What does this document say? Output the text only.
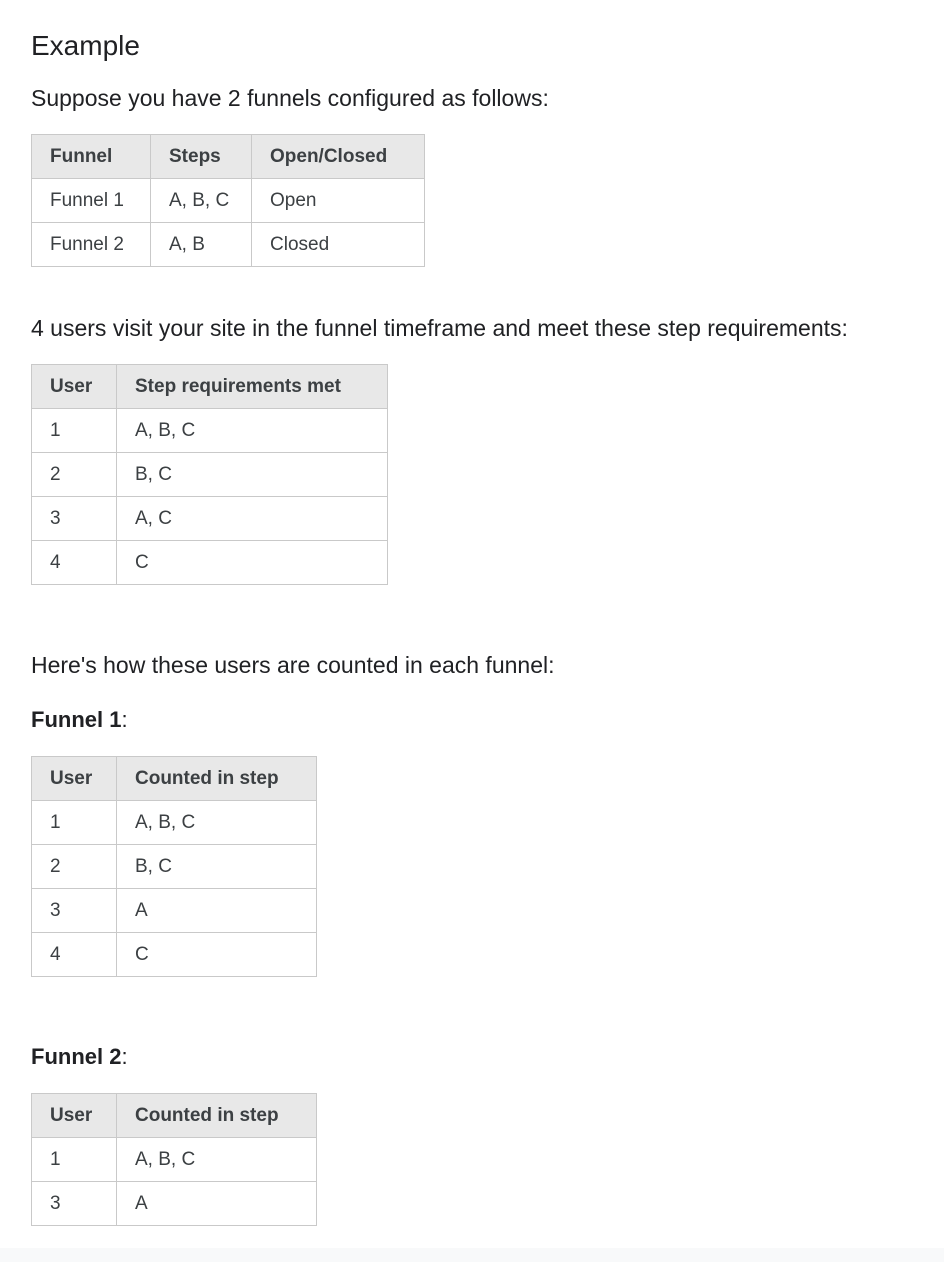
Example

Suppose you have 2 funnels configured as follows:

Funnel	Steps	Open/Closed
Funnel 1	A, B, C	Open
Funnel 2	A, B	Closed

4 users visit your site in the funnel timeframe and meet these step requirements:

User	Step requirements met
1	A, B, C
2	B, C
3	A, C
4	C

Here's how these users are counted in each funnel:

Funnel 1:

User	Counted in step
1	A, B, C
2	B, C
3	A
4	C

Funnel 2:

User	Counted in step
1	A, B, C
3	A
